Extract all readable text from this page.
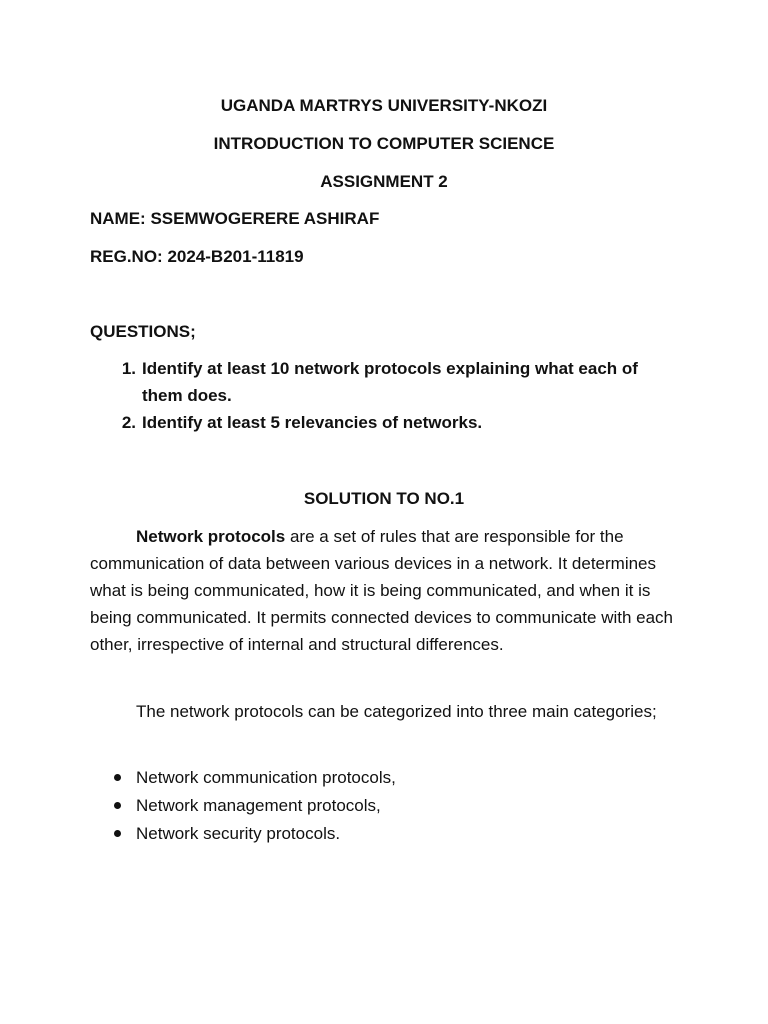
UGANDA MARTRYS UNIVERSITY-NKOZI

INTRODUCTION TO COMPUTER SCIENCE

ASSIGNMENT 2

NAME: SSEMWOGERERE ASHIRAF

REG.NO: 2024-B201-11819

QUESTIONS;

1. Identify at least 10 network protocols explaining what each of them does.
2. Identify at least 5 relevancies of networks.

SOLUTION TO NO.1

Network protocols are a set of rules that are responsible for the communication of data between various devices in a network. It determines what is being communicated, how it is being communicated, and when it is being communicated. It permits connected devices to communicate with each other, irrespective of internal and structural differences.

The network protocols can be categorized into three main categories;

Network communication protocols,
Network management protocols,
Network security protocols.
